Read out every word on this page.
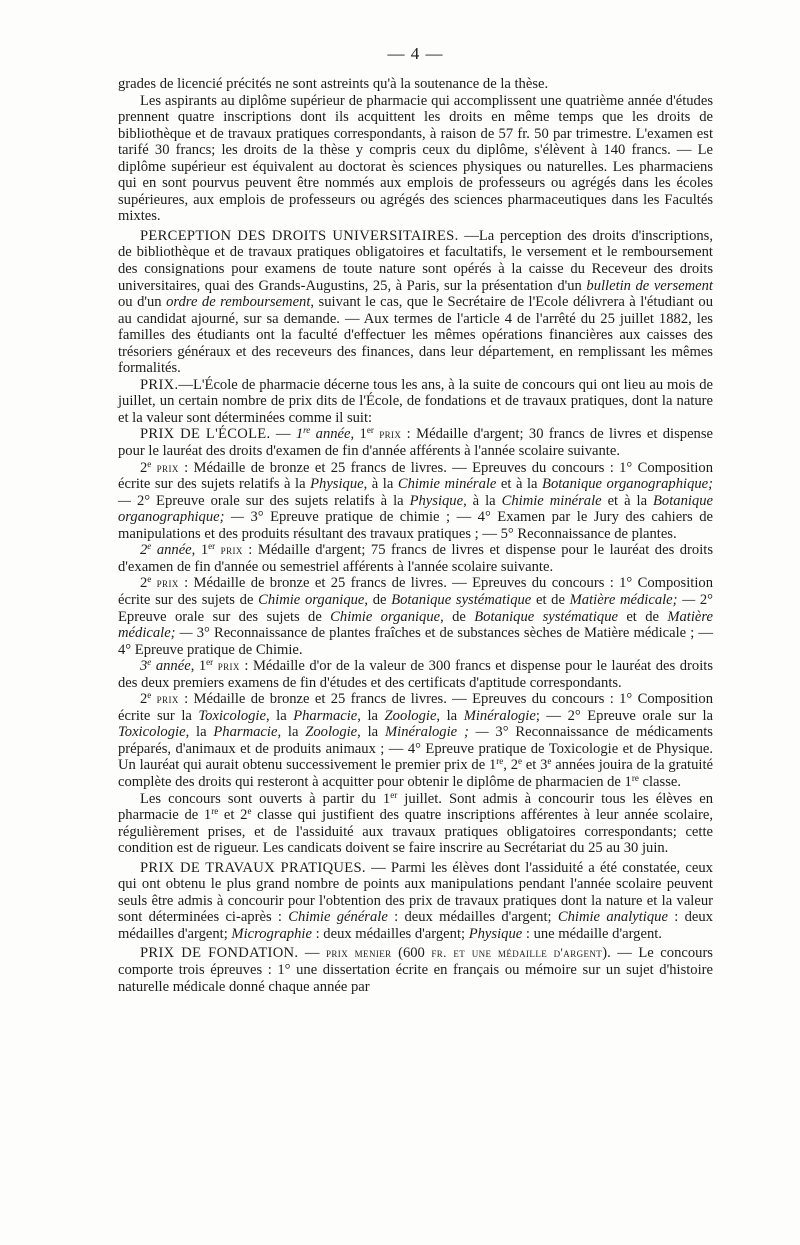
— 4 —

grades de licencié précités ne sont astreints qu'à la soutenance de la thèse.

Les aspirants au diplôme supérieur de pharmacie qui accomplissent une quatrième année d'études prennent quatre inscriptions dont ils acquittent les droits en même temps que les droits de bibliothèque et de travaux pratiques correspondants, à raison de 57 fr. 50 par trimestre. L'examen est tarifé 30 francs; les droits de la thèse y compris ceux du diplôme, s'élèvent à 140 francs. — Le diplôme supérieur est équivalent au doctorat ès sciences physiques ou naturelles. Les pharmaciens qui en sont pourvus peuvent être nommés aux emplois de professeurs ou agrégés dans les écoles supérieures, aux emplois de professeurs ou agrégés des sciences pharmaceutiques dans les Facultés mixtes.

PERCEPTION DES DROITS UNIVERSITAIRES. —La perception des droits d'inscriptions, de bibliothèque et de travaux pratiques obligatoires et facultatifs, le versement et le remboursement des consignations pour examens de toute nature sont opérés à la caisse du Receveur des droits universitaires, quai des Grands-Augustins, 25, à Paris, sur la présentation d'un bulletin de versement ou d'un ordre de remboursement, suivant le cas, que le Secrétaire de l'Ecole délivrera à l'étudiant ou au candidat ajourné, sur sa demande. — Aux termes de l'article 4 de l'arrêté du 25 juillet 1882, les familles des étudiants ont la faculté d'effectuer les mêmes opérations financières aux caisses des trésoriers généraux et des receveurs des finances, dans leur département, en remplissant les mêmes formalités.

PRIX.—L'École de pharmacie décerne tous les ans, à la suite de concours qui ont lieu au mois de juillet, un certain nombre de prix dits de l'École, de fondations et de travaux pratiques, dont la nature et la valeur sont déterminées comme il suit:

PRIX DE L'ÉCOLE. — 1re année, 1er prix : Médaille d'argent; 30 francs de livres et dispense pour le lauréat des droits d'examen de fin d'année afférents à l'année scolaire suivante.

2e prix : Médaille de bronze et 25 francs de livres. — Epreuves du concours : 1° Composition écrite sur des sujets relatifs à la Physique, à la Chimie minérale et à la Botanique organographique; — 2° Epreuve orale sur des sujets relatifs à la Physique, à la Chimie minérale et à la Botanique organographique; — 3° Epreuve pratique de chimie ; — 4° Examen par le Jury des cahiers de manipulations et des produits résultant des travaux pratiques ; — 5° Reconnaissance de plantes.

2e année, 1er prix : Médaille d'argent; 75 francs de livres et dispense pour le lauréat des droits d'examen de fin d'année ou semestriel afférents à l'année scolaire suivante.

2e prix : Médaille de bronze et 25 francs de livres. — Epreuves du concours : 1° Composition écrite sur des sujets de Chimie organique, de Botanique systématique et de Matière médicale; — 2° Epreuve orale sur des sujets de Chimie organique, de Botanique systématique et de Matière médicale; — 3° Reconnaissance de plantes fraîches et de substances sèches de Matière médicale ; — 4° Epreuve pratique de Chimie.

3e année, 1er prix : Médaille d'or de la valeur de 300 francs et dispense pour le lauréat des droits des deux premiers examens de fin d'études et des certificats d'aptitude correspondants.

2e prix : Médaille de bronze et 25 francs de livres. — Epreuves du concours : 1° Composition écrite sur la Toxicologie, la Pharmacie, la Zoologie, la Minéralogie; — 2° Epreuve orale sur la Toxicologie, la Pharmacie, la Zoologie, la Minéralogie ; — 3° Reconnaissance de médicaments préparés, d'animaux et de produits animaux ; — 4° Epreuve pratique de Toxicologie et de Physique. Un lauréat qui aurait obtenu successivement le premier prix de 1re, 2e et 3e années jouira de la gratuité complète des droits qui resteront à acquitter pour obtenir le diplôme de pharmacien de 1re classe.

Les concours sont ouverts à partir du 1er juillet. Sont admis à concourir tous les élèves en pharmacie de 1re et 2e classe qui justifient des quatre inscriptions afférentes à leur année scolaire, régulièrement prises, et de l'assiduité aux travaux pratiques obligatoires correspondants; cette condition est de rigueur. Les candicats doivent se faire inscrire au Secrétariat du 25 au 30 juin.

PRIX DE TRAVAUX PRATIQUES. — Parmi les élèves dont l'assiduité a été constatée, ceux qui ont obtenu le plus grand nombre de points aux manipulations pendant l'année scolaire peuvent seuls être admis à concourir pour l'obtention des prix de travaux pratiques dont la nature et la valeur sont déterminées ci-après : Chimie générale : deux médailles d'argent; Chimie analytique : deux médailles d'argent; Micrographie : deux médailles d'argent; Physique : une médaille d'argent.

PRIX DE FONDATION. — prix menier (600 fr. et une médaille d'argent). — Le concours comporte trois épreuves : 1° une dissertation écrite en français ou mémoire sur un sujet d'histoire naturelle médicale donné chaque année par
